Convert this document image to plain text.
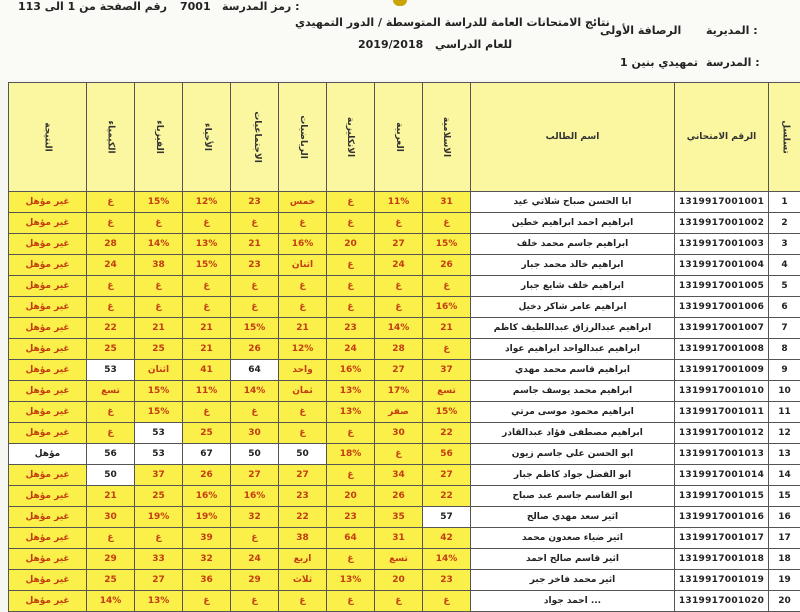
رقم الصفحة من 1 الى 113 7001 رمز المدرسة :
نتائج الامتحانات العامة للدراسة المتوسطة / الدور التمهيدي
2019/2018 للعام الدراسي
الرصافة الأولى المديرية :
تمهيدي بنين 1 المدرسة :
النتيجة	الكيمياء	الفيزياء	الأحياء	الاجتماعيات	الرياضيات	الانكليزية	العربية	الاسلامية	اسم الطالب	الرقم الامتحاني	تسلسل
غير مؤهل	غ	15%	12%	23	خمس	غ	11%	31	ابا الحسن صباح شلاتي عيد	1319917001001	1
غير مؤهل	غ	غ	غ	غ	غ	غ	غ	غ	ابراهيم احمد ابراهيم خطين	1319917001002	2
غير مؤهل	28	14%	13%	21	16%	20	27	15%	ابراهيم جاسم محمد خلف	1319917001003	3
غير مؤهل	24	38	15%	23	اثنان	غ	24	26	ابراهيم خالد محمد جبار	1319917001004	4
غير مؤهل	غ	غ	غ	غ	غ	غ	غ	غ	ابراهيم خلف شايع جبار	1319917001005	5
غير مؤهل	غ	غ	غ	غ	غ	غ	غ	16%	ابراهيم عامر شاكر دخيل	1319917001006	6
غير مؤهل	22	21	21	15%	21	23	14%	21	ابراهيم عبدالرزاق عبداللطيف كاظم	1319917001007	7
غير مؤهل	25	25	21	26	12%	24	28	غ	ابراهيم عبدالواحد ابراهيم عواد	1319917001008	8
غير مؤهل	53	اثنان	41	64	واحد	16%	27	37	ابراهيم قاسم محمد مهدي	1319917001009	9
غير مؤهل	تسع	15%	11%	14%	ثمان	13%	17%	تسع	ابراهيم محمد يوسف جاسم	1319917001010	10
غير مؤهل	غ	15%	غ	غ	غ	13%	صفر	15%	ابراهيم محمود موسى مرتي	1319917001011	11
غير مؤهل	غ	53	25	30	غ	غ	30	22	ابراهيم مصطفى فؤاد عبدالقادر	1319917001012	12
مؤهل	56	53	67	50	50	18%	غ	56	ابو الحسن علي جاسم زيون	1319917001013	13
غير مؤهل	50	37	26	27	27	غ	34	27	ابو الفضل جواد كاظم جبار	1319917001014	14
غير مؤهل	21	25	16%	16%	23	20	26	22	ابو القاسم جاسم عبد صباح	1319917001015	15
غير مؤهل	30	19%	19%	32	22	23	35	57	اثير سعد مهدي صالح	1319917001016	16
غير مؤهل	غ	غ	39	غ	38	64	31	42	اثير ضياء صعدون محمد	1319917001017	17
غير مؤهل	29	33	32	24	اربع	غ	تسع	14%	اثير قاسم صالح احمد	1319917001018	18
غير مؤهل	25	27	36	29	ثلاث	13%	20	23	اثير محمد فاخر جبر	1319917001019	19
غير مؤهل	14%	13%	غ	غ	غ	غ	غ	غ	احمد جواد ...	1319917001020	20
